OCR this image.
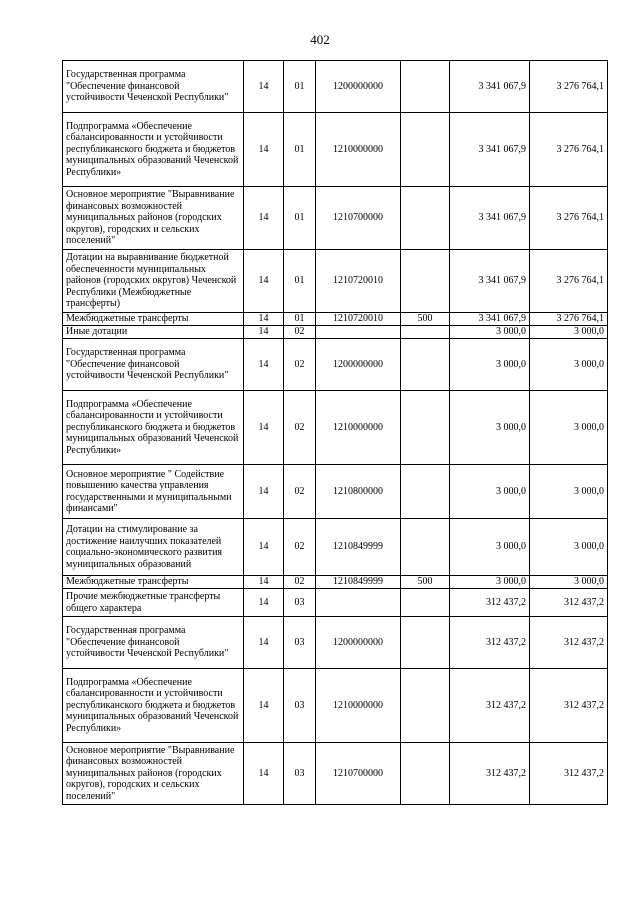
402
Государственная программа "Обеспечение финансовой устойчивости Чеченской Республики"	14	01	1200000000		3 341 067,9	3 276 764,1
Подпрограмма «Обеспечение сбалансированности и устойчивости республиканского бюджета и бюджетов муниципальных образований Чеченской Республики»	14	01	1210000000		3 341 067,9	3 276 764,1
Основное мероприятие "Выравнивание финансовых возможностей муниципальных районов (городских округов), городских и сельских поселений"	14	01	1210700000		3 341 067,9	3 276 764,1
Дотации на выравнивание бюджетной обеспеченности муниципальных районов (городских округов) Чеченской Республики (Межбюджетные трансферты)	14	01	1210720010		3 341 067,9	3 276 764,1
Межбюджетные трансферты	14	01	1210720010	500	3 341 067,9	3 276 764,1
Иные дотации	14	02			3 000,0	3 000,0
Государственная программа "Обеспечение финансовой устойчивости Чеченской Республики"	14	02	1200000000		3 000,0	3 000,0
Подпрограмма «Обеспечение сбалансированности и устойчивости республиканского бюджета и бюджетов муниципальных образований Чеченской Республики»	14	02	1210000000		3 000,0	3 000,0
Основное мероприятие " Содействие повышению качества управления государственными и муниципальными финансами"	14	02	1210800000		3 000,0	3 000,0
Дотации на стимулирование за достижение наилучших показателей социально-экономического развития муниципальных образований	14	02	1210849999		3 000,0	3 000,0
Межбюджетные трансферты	14	02	1210849999	500	3 000,0	3 000,0
Прочие межбюджетные трансферты общего характера	14	03			312 437,2	312 437,2
Государственная программа "Обеспечение финансовой устойчивости Чеченской Республики"	14	03	1200000000		312 437,2	312 437,2
Подпрограмма «Обеспечение сбалансированности и устойчивости республиканского бюджета и бюджетов муниципальных образований Чеченской Республики»	14	03	1210000000		312 437,2	312 437,2
Основное мероприятие "Выравнивание финансовых возможностей муниципальных районов (городских округов), городских и сельских поселений"	14	03	1210700000		312 437,2	312 437,2
